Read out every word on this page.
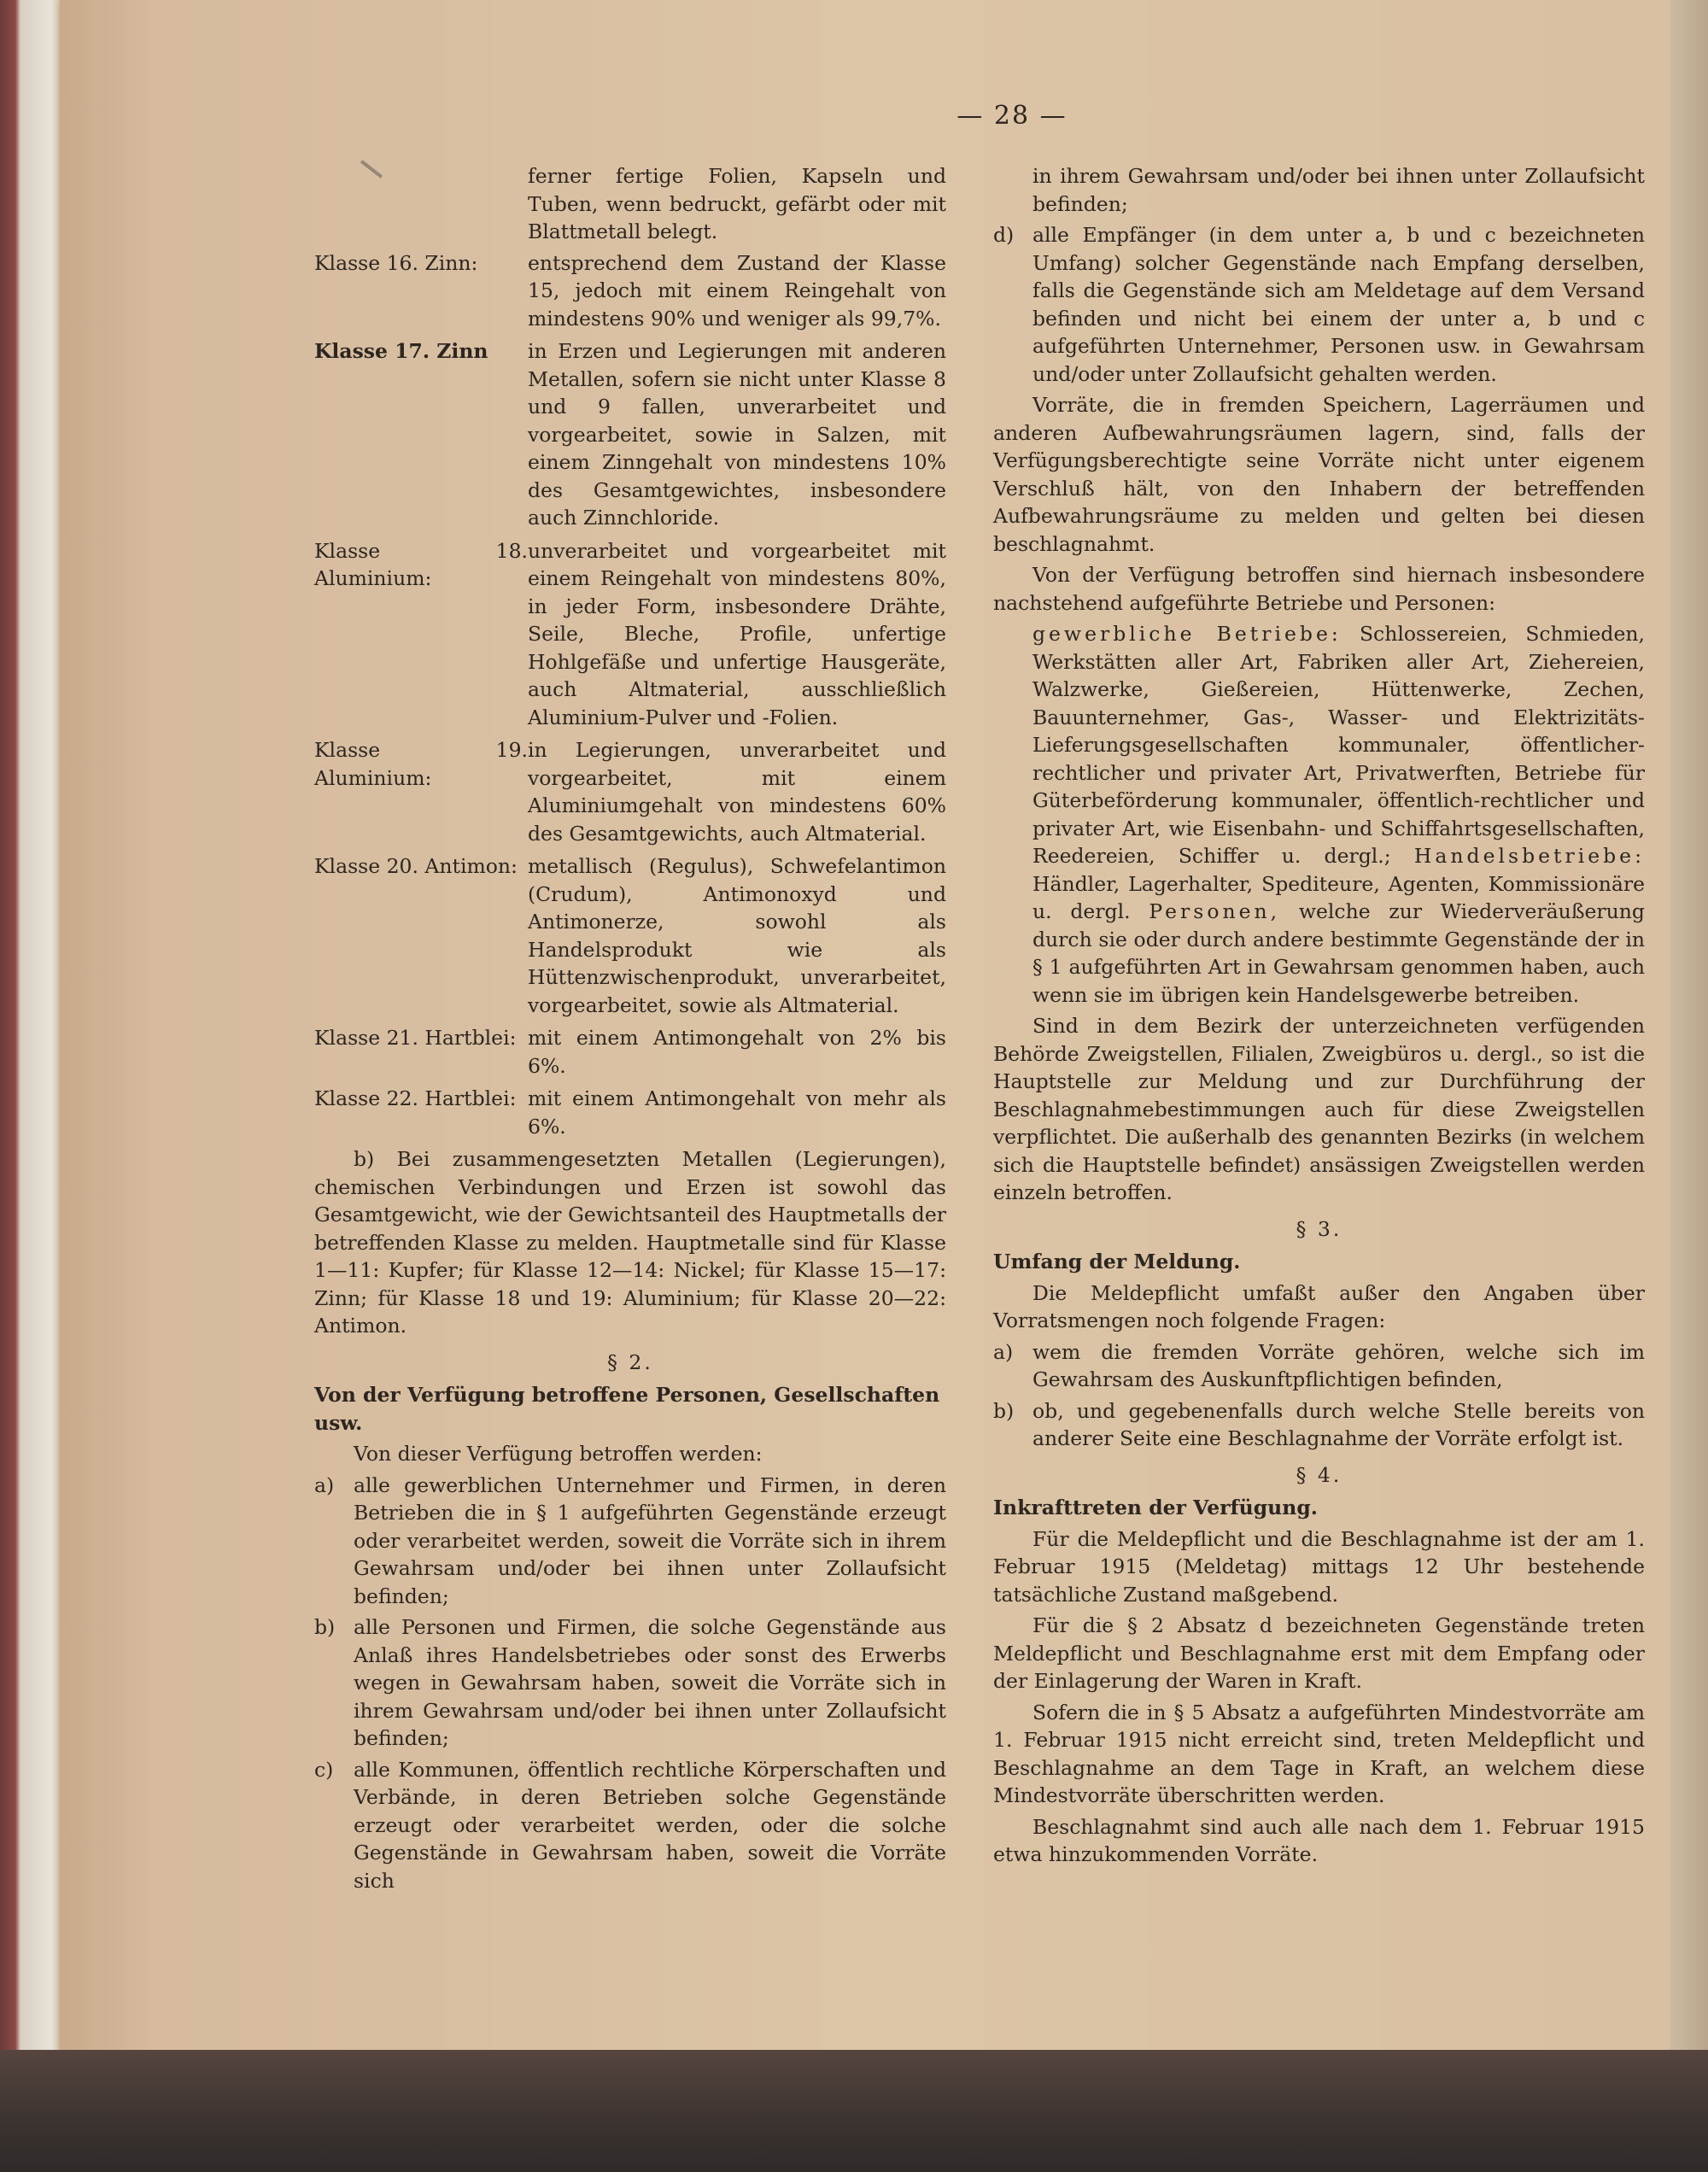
— 28 —

ferner fertige Folien, Kapseln und Tuben, wenn bedruckt, gefärbt oder mit Blattmetall belegt.

Klasse 16. Zinn:	entsprechend dem Zustand der Klasse 15, jedoch mit einem Reingehalt von mindestens 90% und weniger als 99,7%.
Klasse 17. Zinn	in Erzen und Legierungen mit anderen Metallen, sofern sie nicht unter Klasse 8 und 9 fallen, unverarbeitet und vorgearbeitet, sowie in Salzen, mit einem Zinngehalt von mindestens 10% des Gesamtgewichtes, insbesondere auch Zinnchloride.
Klasse 18. Aluminium:
unverarbeitet und vorgearbeitet mit einem Reingehalt von mindestens 80%, in jeder Form, insbesondere Drähte, Seile, Bleche, Profile, unfertige Hohlgefäße und unfertige Hausgeräte, auch Altmaterial, ausschließlich Aluminium-Pulver und -Folien.
Klasse 19. Aluminium:
in Legierungen, unverarbeitet und vorgearbeitet, mit einem Aluminiumgehalt von mindestens 60% des Gesamtgewichts, auch Altmaterial.
Klasse 20. Antimon: metallisch (Regulus), Schwefelantimon (Crudum), Antimonoxyd und Antimonerze, sowohl als Handelsprodukt wie als Hüttenzwischenprodukt, unverarbeitet, vorgearbeitet, sowie als Altmaterial.
Klasse 21. Hartblei: mit einem Antimongehalt von 2% bis 6%.
Klasse 22. Hartblei: mit einem Antimongehalt von mehr als 6%.

b) Bei zusammengesetzten Metallen (Legierungen), chemischen Verbindungen und Erzen ist sowohl das Gesamtgewicht, wie der Gewichtsanteil des Hauptmetalls der betreffenden Klasse zu melden. Hauptmetalle sind für Klasse 1—11: Kupfer; für Klasse 12—14: Nickel; für Klasse 15—17: Zinn; für Klasse 18 und 19: Aluminium; für Klasse 20—22: Antimon.

§ 2.
Von der Verfügung betroffene Personen, Gesellschaften usw.

Von dieser Verfügung betroffen werden:

a) alle gewerblichen Unternehmer und Firmen, in deren Betrieben die in § 1 aufgeführten Gegenstände erzeugt oder verarbeitet werden, soweit die Vorräte sich in ihrem Gewahrsam und/oder bei ihnen unter Zollaufsicht befinden;
b) alle Personen und Firmen, die solche Gegenstände aus Anlaß ihres Handelsbetriebes oder sonst des Erwerbs wegen in Gewahrsam haben, soweit die Vorräte sich in ihrem Gewahrsam und/oder bei ihnen unter Zollaufsicht befinden;
c) alle Kommunen, öffentlich rechtliche Körperschaften und Verbände, in deren Betrieben solche Gegenstände erzeugt oder verarbeitet werden, oder die solche Gegenstände in Gewahrsam haben, soweit die Vorräte sich

in ihrem Gewahrsam und/oder bei ihnen unter Zollaufsicht befinden;

d) alle Empfänger (in dem unter a, b und c bezeichneten Umfang) solcher Gegenstände nach Empfang derselben, falls die Gegenstände sich am Meldetage auf dem Versand befinden und nicht bei einem der unter a, b und c aufgeführten Unternehmer, Personen usw. in Gewahrsam und/oder unter Zollaufsicht gehalten werden.

Vorräte, die in fremden Speichern, Lagerräumen und anderen Aufbewahrungsräumen lagern, sind, falls der Verfügungsberechtigte seine Vorräte nicht unter eigenem Verschluß hält, von den Inhabern der betreffenden Aufbewahrungsräume zu melden und gelten bei diesen beschlagnahmt.

Von der Verfügung betroffen sind hiernach insbesondere nachstehend aufgeführte Betriebe und Personen:

gewerbliche Betriebe: Schlossereien, Schmieden, Werkstätten aller Art, Fabriken aller Art, Ziehereien, Walzwerke, Gießereien, Hüttenwerke, Zechen, Bauunternehmer, Gas-, Wasser- und Elektrizitäts-Lieferungsgesellschaften kommunaler, öffentlicher-rechtlicher und privater Art, Privatwerften, Betriebe für Güterbeförderung kommunaler, öffentlich-rechtlicher und privater Art, wie Eisenbahn- und Schiffahrtsgesellschaften, Reedereien, Schiffer u. dergl.; Handelsbetriebe: Händler, Lagerhalter, Spediteure, Agenten, Kommissionäre u. dergl. Personen, welche zur Wiederveräußerung durch sie oder durch andere bestimmte Gegenstände der in § 1 aufgeführten Art in Gewahrsam genommen haben, auch wenn sie im übrigen kein Handelsgewerbe betreiben.

Sind in dem Bezirk der unterzeichneten verfügenden Behörde Zweigstellen, Filialen, Zweigbüros u. dergl., so ist die Hauptstelle zur Meldung und zur Durchführung der Beschlagnahmebestimmungen auch für diese Zweigstellen verpflichtet. Die außerhalb des genannten Bezirks (in welchem sich die Hauptstelle befindet) ansässigen Zweigstellen werden einzeln betroffen.

§ 3.
Umfang der Meldung.

Die Meldepflicht umfaßt außer den Angaben über Vorratsmengen noch folgende Fragen:

a) wem die fremden Vorräte gehören, welche sich im Gewahrsam des Auskunftpflichtigen befinden,
b) ob, und gegebenenfalls durch welche Stelle bereits von anderer Seite eine Beschlagnahme der Vorräte erfolgt ist.
§ 4.
Inkrafttreten der Verfügung.

Für die Meldepflicht und die Beschlagnahme ist der am 1. Februar 1915 (Meldetag) mittags 12 Uhr bestehende tatsächliche Zustand maßgebend.

Für die § 2 Absatz d bezeichneten Gegenstände treten Meldepflicht und Beschlagnahme erst mit dem Empfang oder der Einlagerung der Waren in Kraft.

Sofern die in § 5 Absatz a aufgeführten Mindestvorräte am 1. Februar 1915 nicht erreicht sind, treten Meldepflicht und Beschlagnahme an dem Tage in Kraft, an welchem diese Mindestvorräte überschritten werden.

Beschlagnahmt sind auch alle nach dem 1. Februar 1915 etwa hinzukommenden Vorräte.
